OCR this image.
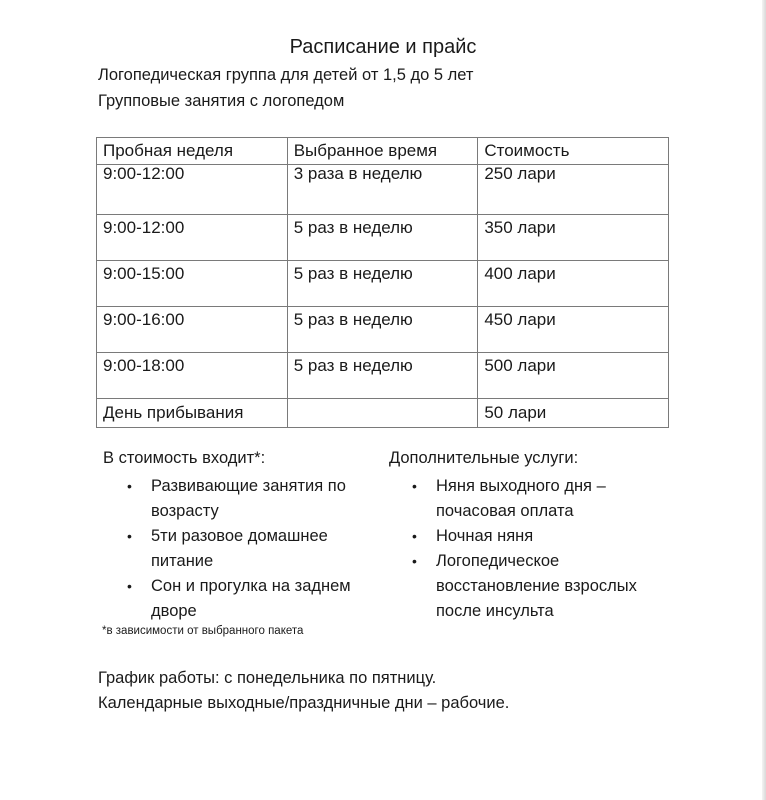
Расписание и прайс
Логопедическая группа для детей от 1,5 до 5 лет
Групповые занятия с логопедом
Пробная неделя	Выбранное время	Стоимость
9:00-12:00	3 раза в неделю	250 лари
9:00-12:00	5 раз в неделю	350 лари
9:00-15:00	5 раз в неделю	400 лари
9:00-16:00	5 раз в неделю	450 лари
9:00-18:00	5 раз в неделю	500 лари
День прибывания		50 лари
В стоимость входит*:
•	Развивающие занятия по возрасту
•	5ти разовое домашнее питание
•	Сон и прогулка на заднем дворе
Дополнительные услуги:
•	Няня выходного дня – почасовая оплата
•	Ночная няня
•	Логопедическое восстановление взрослых после инсульта
*в зависимости от выбранного пакета
График работы: с понедельника по пятницу.
Календарные выходные/праздничные дни – рабочие.
